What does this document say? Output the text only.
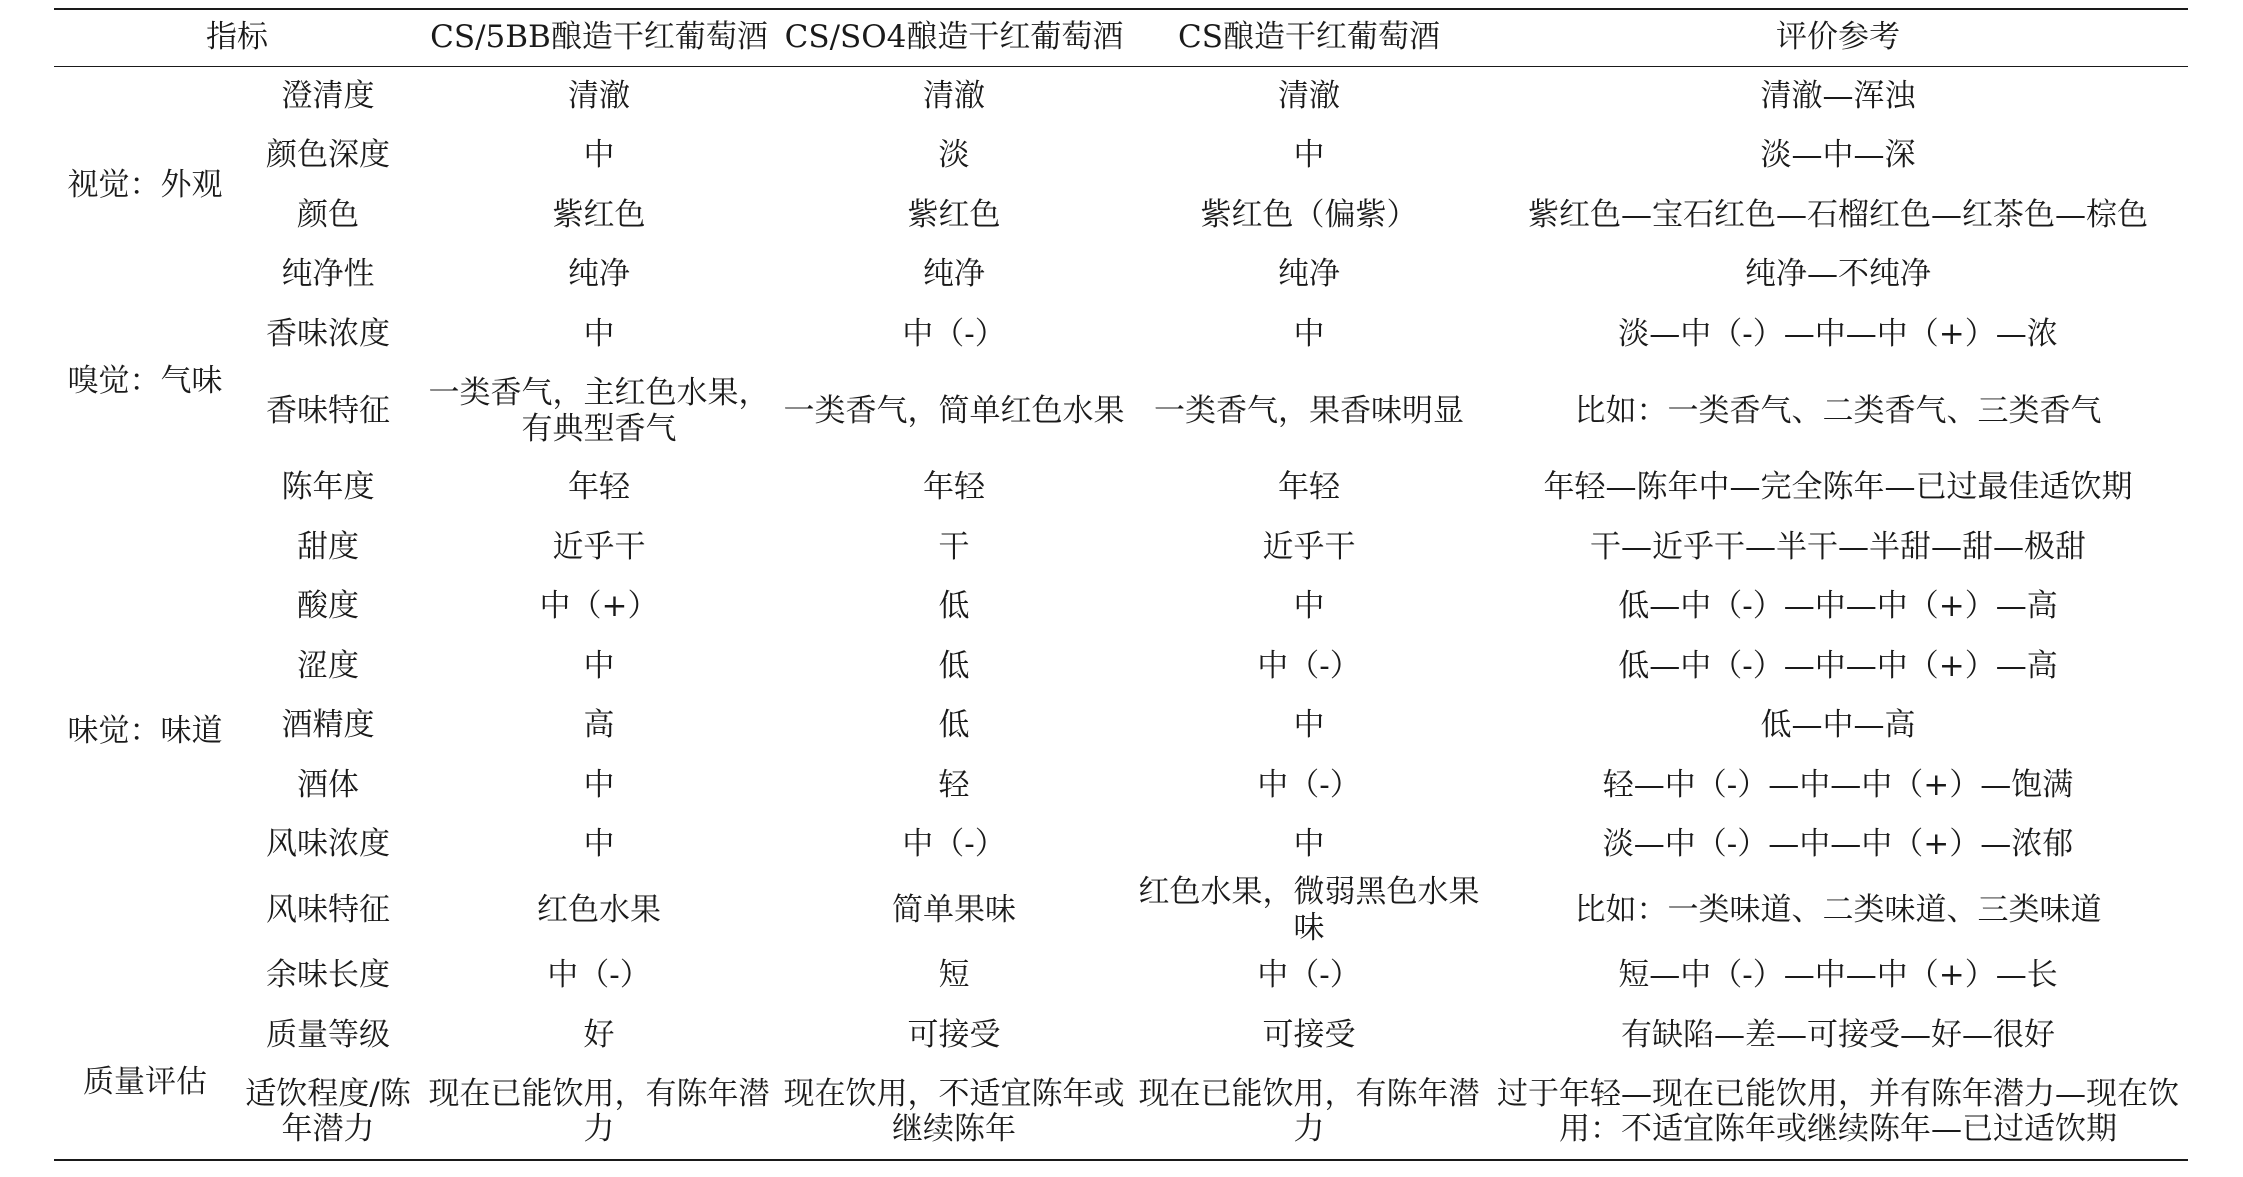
指标		CS/5BB酿造干红葡萄酒	CS/SO4酿造干红葡萄酒	CS酿造干红葡萄酒	评价参考
视觉：外观	澄清度	清澈	清澈	清澈	清澈—浑浊
	颜色深度	中	淡	中	淡—中—深
	颜色	紫红色	紫红色	紫红色（偏紫）	紫红色—宝石红色—石榴红色—红茶色—棕色
	纯净性	纯净	纯净	纯净	纯净—不纯净
嗅觉：气味	香味浓度	中	中（-）	中	淡—中（-）—中—中（+）—浓
	香味特征	一类香气，主红色水果，有典型香气	一类香气，简单红色水果	一类香气，果香味明显	比如：一类香气、二类香气、三类香气
味觉：味道	陈年度	年轻	年轻	年轻	年轻—陈年中—完全陈年—已过最佳适饮期
	甜度	近乎干	干	近乎干	干—近乎干—半干—半甜—甜—极甜
	酸度	中（+）	低	中	低—中（-）—中—中（+）—高
	涩度	中	低	中（-）	低—中（-）—中—中（+）—高
	酒精度	高	低	中	低—中—高
	酒体	中	轻	中（-）	轻—中（-）—中—中（+）—饱满
	风味浓度	中	中（-）	中	淡—中（-）—中—中（+）—浓郁
	风味特征	红色水果	简单果味	红色水果，微弱黑色水果味	比如：一类味道、二类味道、三类味道
	余味长度	中（-）	短	中（-）	短—中（-）—中—中（+）—长
质量评估	质量等级	好	可接受	可接受	有缺陷—差—可接受—好—很好
	适饮程度/陈年潜力	现在已能饮用，有陈年潜力	现在饮用，不适宜陈年或继续陈年	现在已能饮用，有陈年潜力	过于年轻—现在已能饮用，并有陈年潜力—现在饮用：不适宜陈年或继续陈年—已过适饮期
